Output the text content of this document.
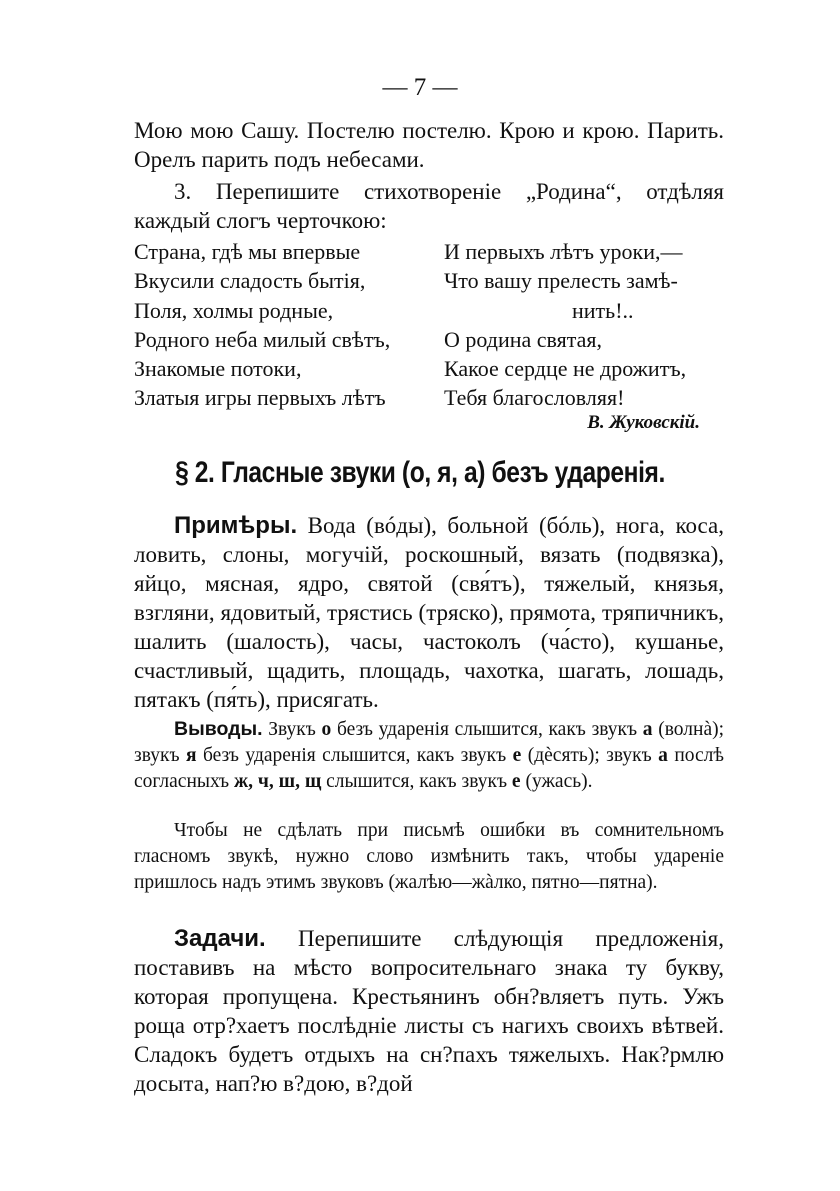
— 7 —

Мою мою Сашу. Постелю постелю. Крою и крою. Парить. Орелъ парить подъ небесами.

3. Перепишите стихотвореніе „Родина“, отдѣляя каждый слогъ черточкою:

Страна, гдѣ мы впервые
Вкусили сладость бытія,
Поля, холмы родные,
Родного неба милый свѣтъ,
Знакомые потоки,
Златыя игры первыхъ лѣтъ
И первыхъ лѣтъ уроки,—
Что вашу прелесть замѣ-
нить!..
О родина святая,
Какое сердце не дрожитъ,
Тебя благословляя!
В. Жуковскій.
§ 2. Гласные звуки (о, я, а) безъ ударенія.

Примѣры. Вода (вóды), больной (бóль), нога, коса, ловить, слоны, могучій, роскошный, вязать (подвязка), яйцо, мясная, ядро, святой (свя́тъ), тяжелый, князья, взгляни, ядовитый, трястись (тряско), прямота, тряпичникъ, шалить (шалость), часы, частоколъ (ча́сто), кушанье, счастливый, щадить, площадь, чахотка, шагать, лошадь, пятакъ (пя́ть), присягать.

Выводы. Звукъ о безъ ударенія слышится, какъ звукъ а (волнà); звукъ я безъ ударенія слышится, какъ звукъ е (дѐсять); звукъ а послѣ согласныхъ ж, ч, ш, щ слышится, какъ звукъ е (ужась).

Чтобы не сдѣлать при письмѣ ошибки въ сомнительномъ гласномъ звукѣ, нужно слово измѣнить такъ, чтобы удареніе пришлось надъ этимъ звуковъ (жалѣю—жàлко, пятно—пятна).

Задачи. Перепишите слѣдующія предложенія, поставивъ на мѣсто вопросительнаго знака ту букву, которая пропущена. Крестьянинъ обн?вляетъ путь. Ужъ роща отр?хаетъ послѣдніе листы съ нагихъ своихъ вѣтвей. Сладокъ будетъ отдыхъ на сн?пахъ тяжелыхъ. Нак?рмлю досыта, нап?ю в?дою, в?дой
